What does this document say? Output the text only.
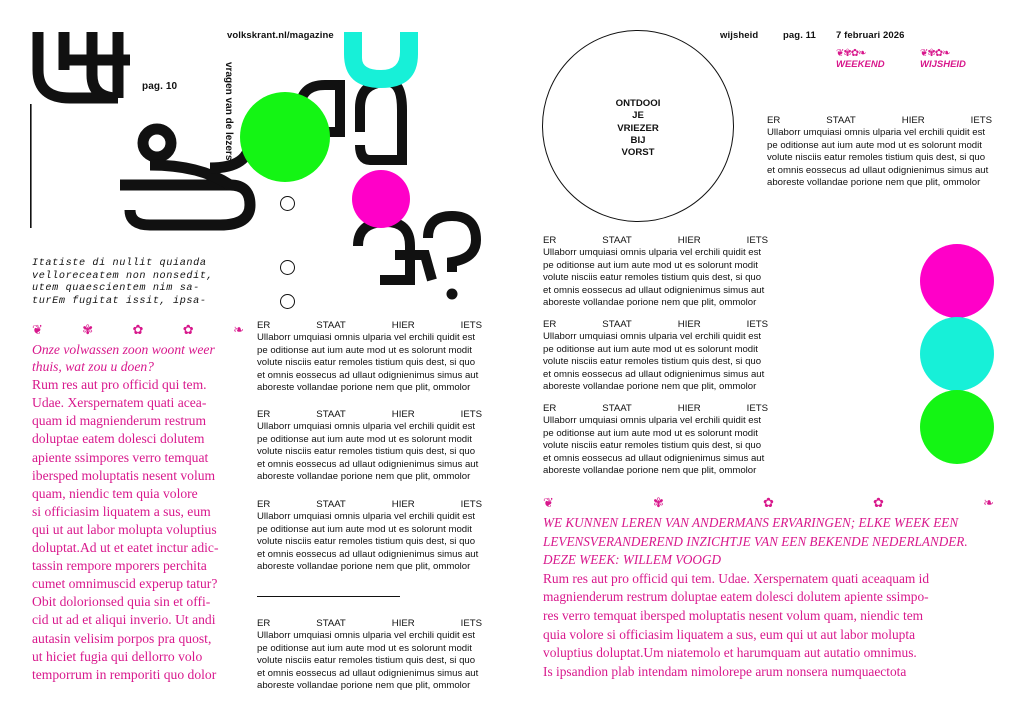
pag. 10
volkskrant.nl/magazine
vragen van de lezers
Itatiste di nullit quianda
velloreceatem non nonsedit,
utem quaescientem nim sa-
turEm fugitat issit, ipsa-
❦	✾	✿	✿	❧
Onze volwassen zoon woont weer thuis, wat zou u doen?
Rum res aut pro officid qui tem.
Udae. Xerspernatem quati acea-
quam id magnienderum restrum
doluptae eatem dolesci dolutem
apiente ssimpores verro temquat
ibersped moluptatis nesent volum
quam, niendic tem quia volore
si officiasim liquatem a sus, eum
qui ut aut labor molupta voluptius
doluptat.Ad ut et eatet inctur adic-
tassin rempore mporers perchita
cumet omnimuscid experup tatur?
Obit dolorionsed quia sin et offi-
cid ut ad et aliqui inverio. Ut andi
autasin velisim porpos pra quost,
ut hiciet fugia qui dellorro volo
temporrum in remporiti quo dolor
ER	STAAT	HIER	IETS
Ullaborr umquiasi omnis ulparia vel erchili quidit est
pe oditionse aut ium aute mod ut es solorunt modit
volute nisciis eatur remoles tistium quis dest, si quo
et omnis eossecus ad ullaut odignienimus simus aut
aboreste vollandae porione nem que plit, ommolor
ER	STAAT	HIER	IETS
Ullaborr umquiasi omnis ulparia vel erchili quidit est
pe oditionse aut ium aute mod ut es solorunt modit
volute nisciis eatur remoles tistium quis dest, si quo
et omnis eossecus ad ullaut odignienimus simus aut
aboreste vollandae porione nem que plit, ommolor
ER	STAAT	HIER	IETS
Ullaborr umquiasi omnis ulparia vel erchili quidit est
pe oditionse aut ium aute mod ut es solorunt modit
volute nisciis eatur remoles tistium quis dest, si quo
et omnis eossecus ad ullaut odignienimus simus aut
aboreste vollandae porione nem que plit, ommolor
ER	STAAT	HIER	IETS
Ullaborr umquiasi omnis ulparia vel erchili quidit est
pe oditionse aut ium aute mod ut es solorunt modit
volute nisciis eatur remoles tistium quis dest, si quo
et omnis eossecus ad ullaut odignienimus simus aut
aboreste vollandae porione nem que plit, ommolor
wijsheid	pag. 11 7 februari 2026
❦✾✿❧
WEEKEND
❦✾✿❧
WIJSHEID
ONTDOOI
JE
VRIEZER
BIJ
VORST
ER	STAAT	HIER	IETS
Ullaborr umquiasi omnis ulparia vel erchili quidit est
pe oditionse aut ium aute mod ut es solorunt modit
volute nisciis eatur remoles tistium quis dest, si quo
et omnis eossecus ad ullaut odignienimus simus aut
aboreste vollandae porione nem que plit, ommolor
ER	STAAT	HIER	IETS
Ullaborr umquiasi omnis ulparia vel erchili quidit est
pe oditionse aut ium aute mod ut es solorunt modit
volute nisciis eatur remoles tistium quis dest, si quo
et omnis eossecus ad ullaut odignienimus simus aut
aboreste vollandae porione nem que plit, ommolor
ER	STAAT	HIER	IETS
Ullaborr umquiasi omnis ulparia vel erchili quidit est
pe oditionse aut ium aute mod ut es solorunt modit
volute nisciis eatur remoles tistium quis dest, si quo
et omnis eossecus ad ullaut odignienimus simus aut
aboreste vollandae porione nem que plit, ommolor
ER	STAAT	HIER	IETS
Ullaborr umquiasi omnis ulparia vel erchili quidit est
pe oditionse aut ium aute mod ut es solorunt modit
volute nisciis eatur remoles tistium quis dest, si quo
et omnis eossecus ad ullaut odignienimus simus aut
aboreste vollandae porione nem que plit, ommolor
❦	✾	✿	✿	❧
WE KUNNEN LEREN VAN ANDERMANS ERVARINGEN; ELKE WEEK EEN LEVENSVERANDEREND INZICHTJE VAN EEN BEKENDE NEDERLANDER. DEZE WEEK: WILLEM VOOGD
Rum res aut pro officid qui tem. Udae. Xerspernatem quati aceaquam id
magnienderum restrum doluptae eatem dolesci dolutem apiente ssimpo-
res verro temquat ibersped moluptatis nesent volum quam, niendic tem
quia volore si officiasim liquatem a sus, eum qui ut aut labor molupta
voluptius doluptat.Um niatemolo et harumquam aut autatio omnimus.
Is ipsandion plab intendam nimolorepe arum nonsera numquaectota
